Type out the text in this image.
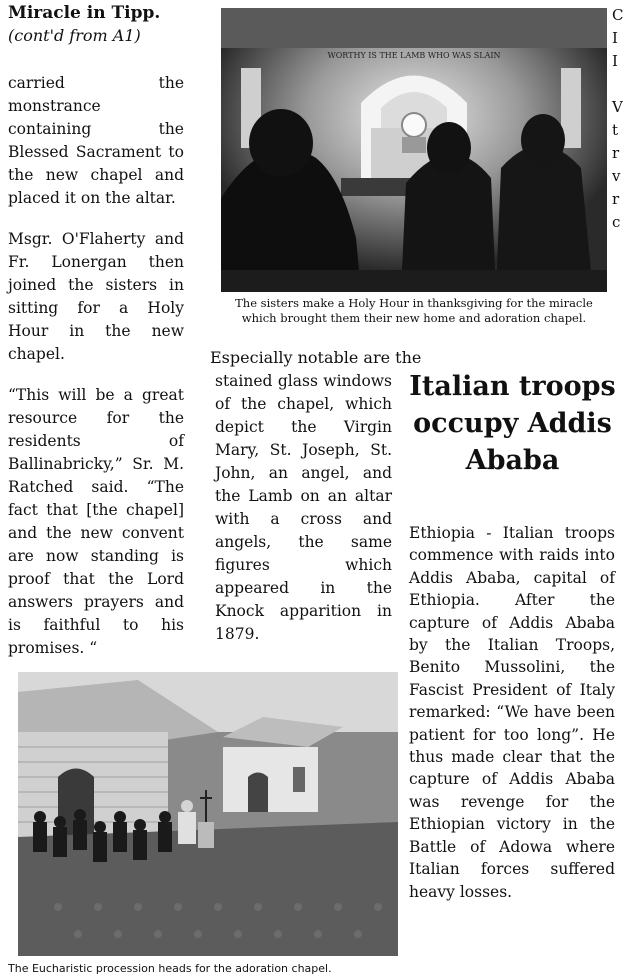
Miracle in Tipp.
(cont'd from A1)

carried the monstrance containing the Blessed Sacrament to the new chapel and placed it on the altar.

Msgr. O'Flaherty and Fr. Lonergan then joined the sisters in sitting for a Holy Hour in the new chapel.

“This will be a great resource for the residents of Ballinabricky,” Sr. M. Ratched said. “The fact that [the chapel] and the new convent are now standing is proof that the Lord answers prayers and is faithful to his promises. “

WORTHY IS THE LAMB WHO WAS SLAIN
The sisters make a Holy Hour in thanksgiving for the miracle which brought them their new home and adoration chapel.
Especially notable are the

stained glass windows of the chapel, which depict the Virgin Mary, St. Joseph, St. John, an angel, and the Lamb on an altar with a cross and angels, the same figures which appeared in the Knock apparition in 1879.

Italian troops occupy Addis Ababa

Ethiopia - Italian troops commence with raids into Addis Ababa, capital of Ethiopia. After the capture of Addis Ababa by the Italian Troops, Benito Mussolini, the Fascist President of Italy remarked: “We have been patient for too long”. He thus made clear that the capture of Addis Ababa was revenge for the Ethiopian victory in the Battle of Adowa where Italian forces suffered heavy losses.

The Eucharistic procession heads for the adoration chapel.
C
I
I
V
t
r
v
r
c
